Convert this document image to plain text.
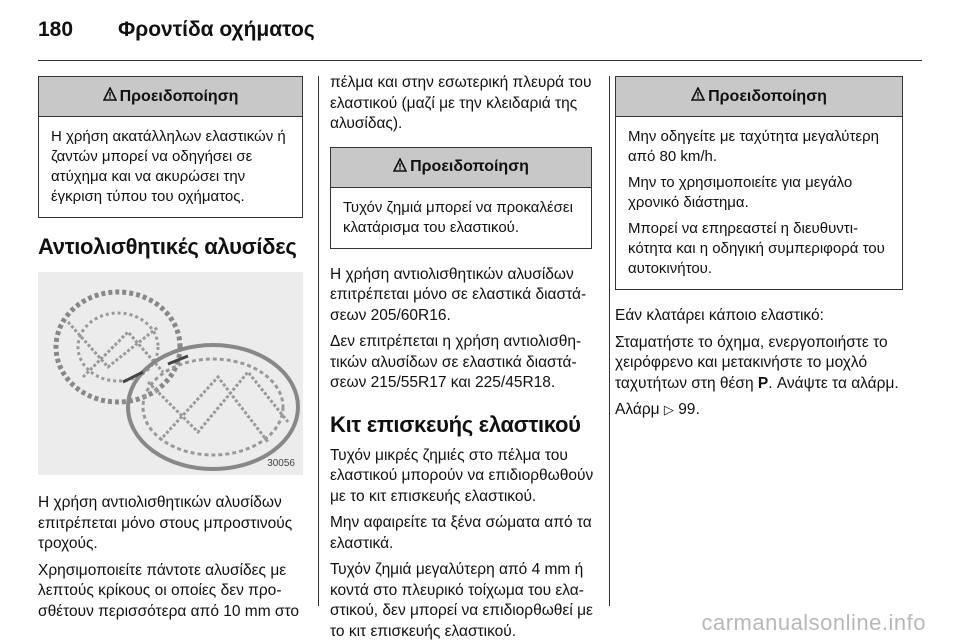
180	Φροντίδα οχήματος
Προειδοποίηση

Η χρήση ακατάλληλων ελαστικών ή ζαντών μπορεί να οδηγήσει σε ατύχημα και να ακυρώσει την έγκριση τύπου του οχήματος.

Αντιολισθητικές αλυσίδες
30056

Η χρήση αντιολισθητικών αλυσίδων επιτρέπεται μόνο στους μπροστινούς τροχούς.

Χρησιμοποιείτε πάντοτε αλυσίδες με λεπτούς κρίκους οι οποίες δεν προσθέτουν περισσότερα από 10 mm στο

πέλμα και στην εσωτερική πλευρά του ελαστικού (μαζί με την κλειδαριά της αλυσίδας).

Προειδοποίηση

Τυχόν ζημιά μπορεί να προκαλέσει κλατάρισμα του ελαστικού.

Η χρήση αντιολισθητικών αλυσίδων επιτρέπεται μόνο σε ελαστικά διαστάσεων 205/60R16.

Δεν επιτρέπεται η χρήση αντιολισθητικών αλυσίδων σε ελαστικά διαστάσεων 215/55R17 και 225/45R18.

Κιτ επισκευής ελαστικού

Τυχόν μικρές ζημιές στο πέλμα του ελαστικού μπορούν να επιδιορθωθούν με το κιτ επισκευής ελαστικού.

Μην αφαιρείτε τα ξένα σώματα από τα ελαστικά.

Τυχόν ζημιά μεγαλύτερη από 4 mm ή κοντά στο πλευρικό τοίχωμα του ελαστικού, δεν μπορεί να επιδιορθωθεί με το κιτ επισκευής ελαστικού.

Προειδοποίηση

Μην οδηγείτε με ταχύτητα μεγαλύτερη από 80 km/h.

Μην το χρησιμοποιείτε για μεγάλο χρονικό διάστημα.

Μπορεί να επηρεαστεί η διευθυντικότητα και η οδηγική συμπεριφορά του αυτοκινήτου.

Εάν κλατάρει κάποιο ελαστικό:

Σταματήστε το όχημα, ενεργοποιήστε το χειρόφρενο και μετακινήστε το μοχλό ταχυτήτων στη θέση P. Ανάψτε τα αλάρμ.

Αλάρμ ▷ 99.

carmanualsonline.info
